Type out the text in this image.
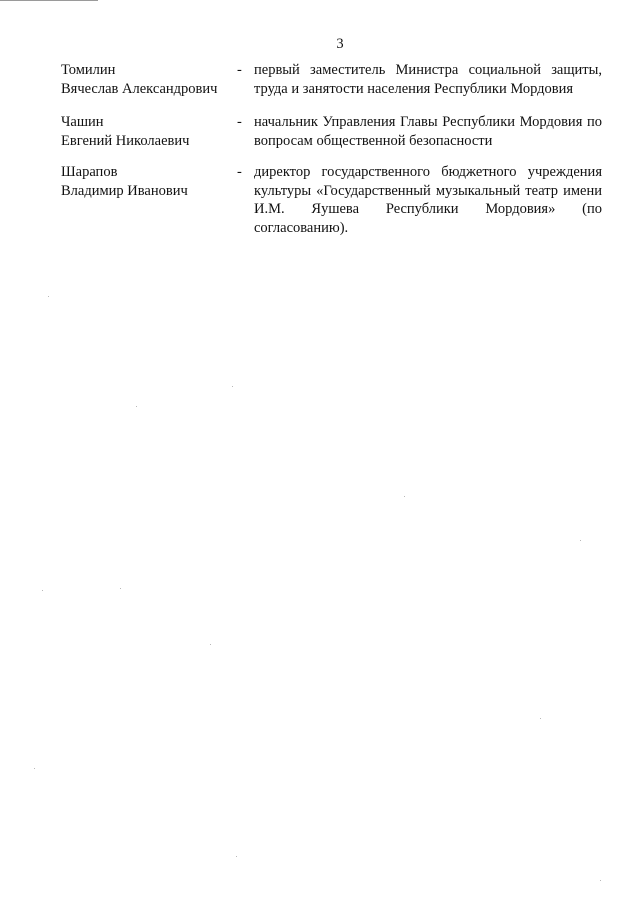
3
Томилин
Вячеслав Александрович
- первый заместитель Министра социальной защиты, труда и занятости населения Республики Мордовия
Чашин
Евгений Николаевич
- начальник Управления Главы Республики Мордовия по вопросам общественной безопасности
Шарапов
Владимир Иванович
- директор государственного бюджетного учреждения культуры «Государственный музыкальный театр имени И.М. Яушева Республики Мордовия» (по согласованию).
